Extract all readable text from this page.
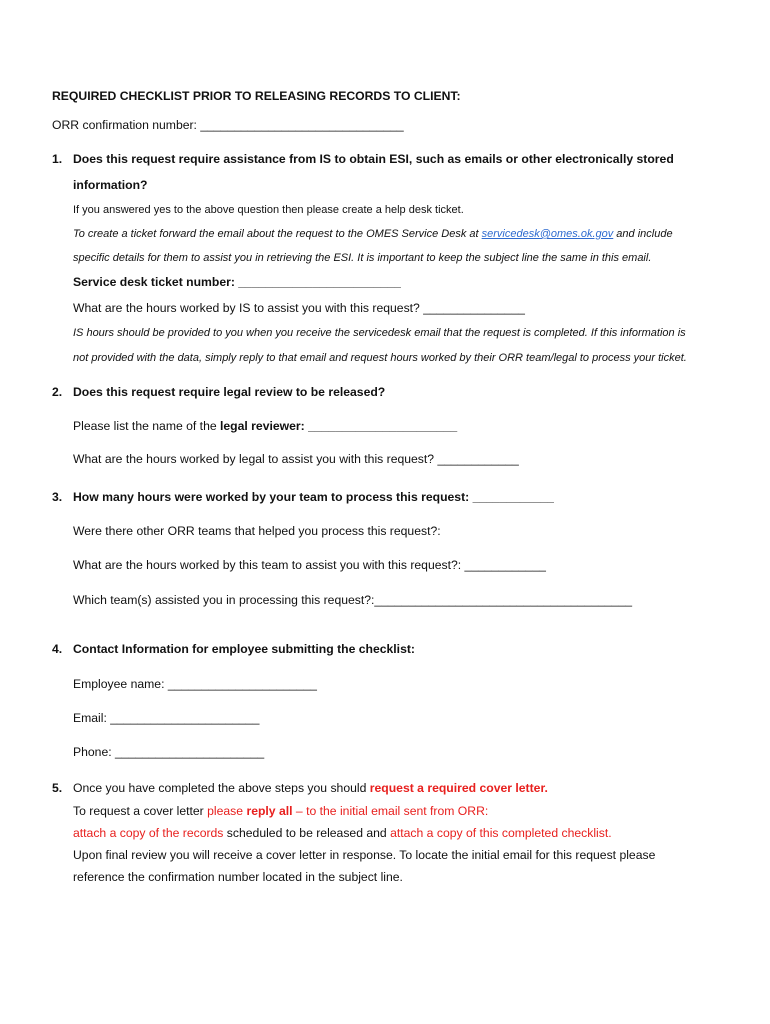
REQUIRED CHECKLIST PRIOR TO RELEASING RECORDS TO CLIENT:
ORR confirmation number: ______________________________
1. Does this request require assistance from IS to obtain ESI, such as emails or other electronically stored
information?
If you answered yes to the above question then please create a help desk ticket.
To create a ticket forward the email about the request to the OMES Service Desk at servicedesk@omes.ok.gov and include
specific details for them to assist you in retrieving the ESI. It is important to keep the subject line the same in this email.
Service desk ticket number: ________________________
What are the hours worked by IS to assist you with this request? _______________
IS hours should be provided to you when you receive the servicedesk email that the request is completed. If this information is
not provided with the data, simply reply to that email and request hours worked by their ORR team/legal to process your ticket.
2. Does this request require legal review to be released?
Please list the name of the legal reviewer: ______________________
What are the hours worked by legal to assist you with this request? ____________
3. How many hours were worked by your team to process this request: ____________
Were there other ORR teams that helped you process this request?:
What are the hours worked by this team to assist you with this request?: ____________
Which team(s) assisted you in processing this request?:______________________________________
4. Contact Information for employee submitting the checklist:
Employee name: ______________________
Email: ______________________
Phone: ______________________
5. Once you have completed the above steps you should request a required cover letter.
To request a cover letter please reply all – to the initial email sent from ORR:
attach a copy of the records scheduled to be released and attach a copy of this completed checklist.
Upon final review you will receive a cover letter in response. To locate the initial email for this request please
reference the confirmation number located in the subject line.
